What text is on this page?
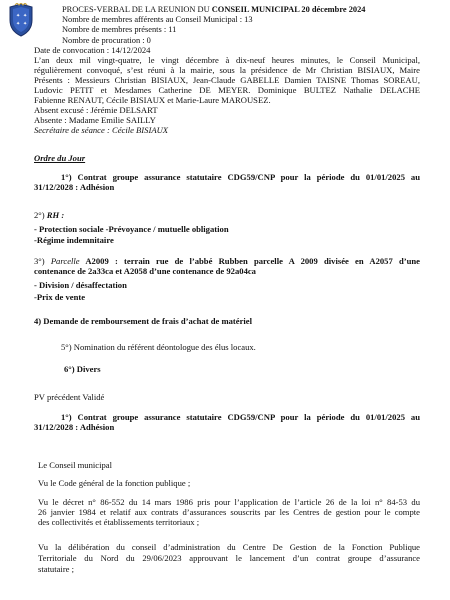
✦ ✦
✦ ✦
PROCES-VERBAL DE LA REUNION DU CONSEIL MUNICIPAL 20 décembre 2024
Nombre de membres afférents au Conseil Municipal : 13
Nombre de membres présents : 11
Nombre de procuration : 0
Date de convocation : 14/12/2024
L’an deux mil vingt-quatre, le vingt décembre à dix-neuf heures minutes, le Conseil Municipal,
régulièrement convoqué, s’est réuni à la mairie, sous la présidence de Mr Christian BISIAUX, Maire
Présents : Messieurs Christian BISIAUX, Jean-Claude GABELLE Damien TAISNE Thomas SOREAU,
Ludovic PETIT et Mesdames Catherine DE MEYER. Dominique BULTEZ Nathalie DELACHE
Fabienne RENAUT, Cécile BISIAUX et Marie-Laure MAROUSEZ.
Absent excusé : Jérémie DELSART
Absente : Madame Emilie SAILLY
Secrétaire de séance : Cécile BISIAUX
Ordre du Jour
1°) Contrat groupe assurance statutaire CDG59/CNP pour la période du 01/01/2025 au
31/12/2028 : Adhésion
2°) RH :
- Protection sociale -Prévoyance / mutuelle obligation
-Régime indemnitaire
3°) Parcelle A2009 : terrain rue de l’abbé Rubben parcelle A 2009 divisée en A2057 d’une
contenance de 2a33ca et A2058 d’une contenance de 92a04ca
- Division / désaffectation
-Prix de vente
4) Demande de remboursement de frais d’achat de matériel
5°) Nomination du référent déontologue des élus locaux.
6°) Divers
PV précédent Validé
1°) Contrat groupe assurance statutaire CDG59/CNP pour la période du 01/01/2025 au
31/12/2028 : Adhésion
Le Conseil municipal
Vu le Code général de la fonction publique ;
Vu le décret n° 86-552 du 14 mars 1986 pris pour l’application de l’article 26 de la loi n° 84-53 du
26 janvier 1984 et relatif aux contrats d’assurances souscrits par les Centres de gestion pour le compte
des collectivités et établissements territoriaux ;
Vu la délibération du conseil d’administration du Centre De Gestion de la Fonction Publique
Territoriale du Nord du 29/06/2023 approuvant le lancement d’un contrat groupe d’assurance
statutaire ;
